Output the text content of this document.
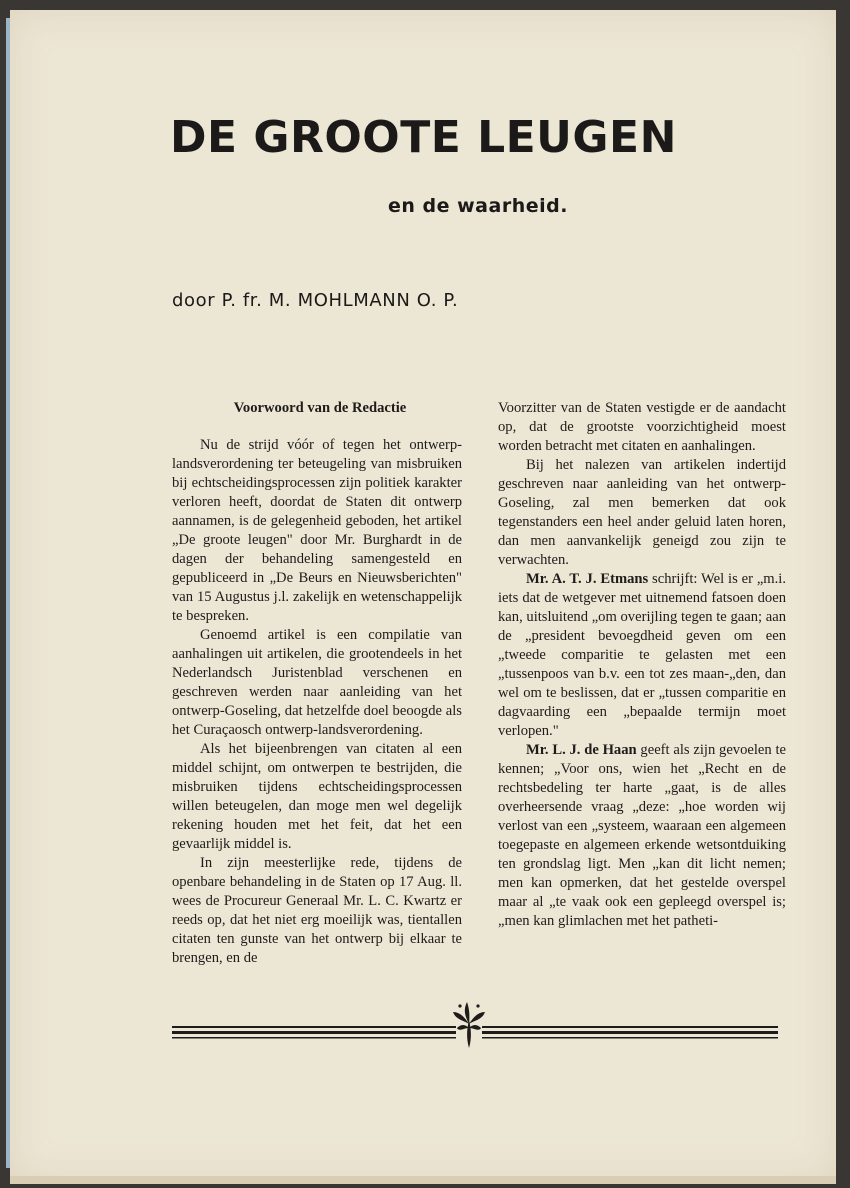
DE GROOTE LEUGEN
en de waarheid.
door P. fr. M. MOHLMANN O. P.
Voorwoord van de Redactie

Nu de strijd vóór of tegen het ontwerp-landsverordening ter beteugeling van misbruiken bij echtscheidingsprocessen zijn politiek karakter verloren heeft, doordat de Staten dit ontwerp aannamen, is de gelegenheid geboden, het artikel „De groote leugen" door Mr. Burghardt in de dagen der behandeling samengesteld en gepubliceerd in „De Beurs en Nieuwsberichten" van 15 Augustus j.l. zakelijk en wetenschappelijk te bespreken.

Genoemd artikel is een compilatie van aanhalingen uit artikelen, die grootendeels in het Nederlandsch Juristenblad verschenen en geschreven werden naar aanleiding van het ontwerp-Goseling, dat hetzelfde doel beoogde als het Curaçaosch ontwerp-landsverordening.

Als het bijeenbrengen van citaten al een middel schijnt, om ontwerpen te bestrijden, die misbruiken tijdens echtscheidingsprocessen willen beteugelen, dan moge men wel degelijk rekening houden met het feit, dat het een gevaarlijk middel is.

In zijn meesterlijke rede, tijdens de openbare behandeling in de Staten op 17 Aug. ll. wees de Procureur Generaal Mr. L. C. Kwartz er reeds op, dat het niet erg moeilijk was, tientallen citaten ten gunste van het ontwerp bij elkaar te brengen, en de

Voorzitter van de Staten vestigde er de aandacht op, dat de grootste voorzichtigheid moest worden betracht met citaten en aanhalingen.

Bij het nalezen van artikelen indertijd geschreven naar aanleiding van het ontwerp-Goseling, zal men bemerken dat ook tegenstanders een heel ander geluid laten horen, dan men aanvankelijk geneigd zou zijn te verwachten.

Mr. A. T. J. Etmans schrijft: Wel is er „m.i. iets dat de wetgever met uitnemend fatsoen doen kan, uitsluitend „om overijling tegen te gaan; aan de „president bevoegdheid geven om een „tweede comparitie te gelasten met een „tussenpoos van b.v. een tot zes maan-„den, dan wel om te beslissen, dat er „tussen comparitie en dagvaarding een „bepaalde termijn moet verlopen."

Mr. L. J. de Haan geeft als zijn gevoelen te kennen; „Voor ons, wien het „Recht en de rechtsbedeling ter harte „gaat, is de alles overheersende vraag „deze: „hoe worden wij verlost van een „systeem, waaraan een algemeen toegepaste en algemeen erkende wetsontduiking ten grondslag ligt. Men „kan dit licht nemen; men kan opmerken, dat het gestelde overspel maar al „te vaak ook een gepleegd overspel is; „men kan glimlachen met het patheti-
